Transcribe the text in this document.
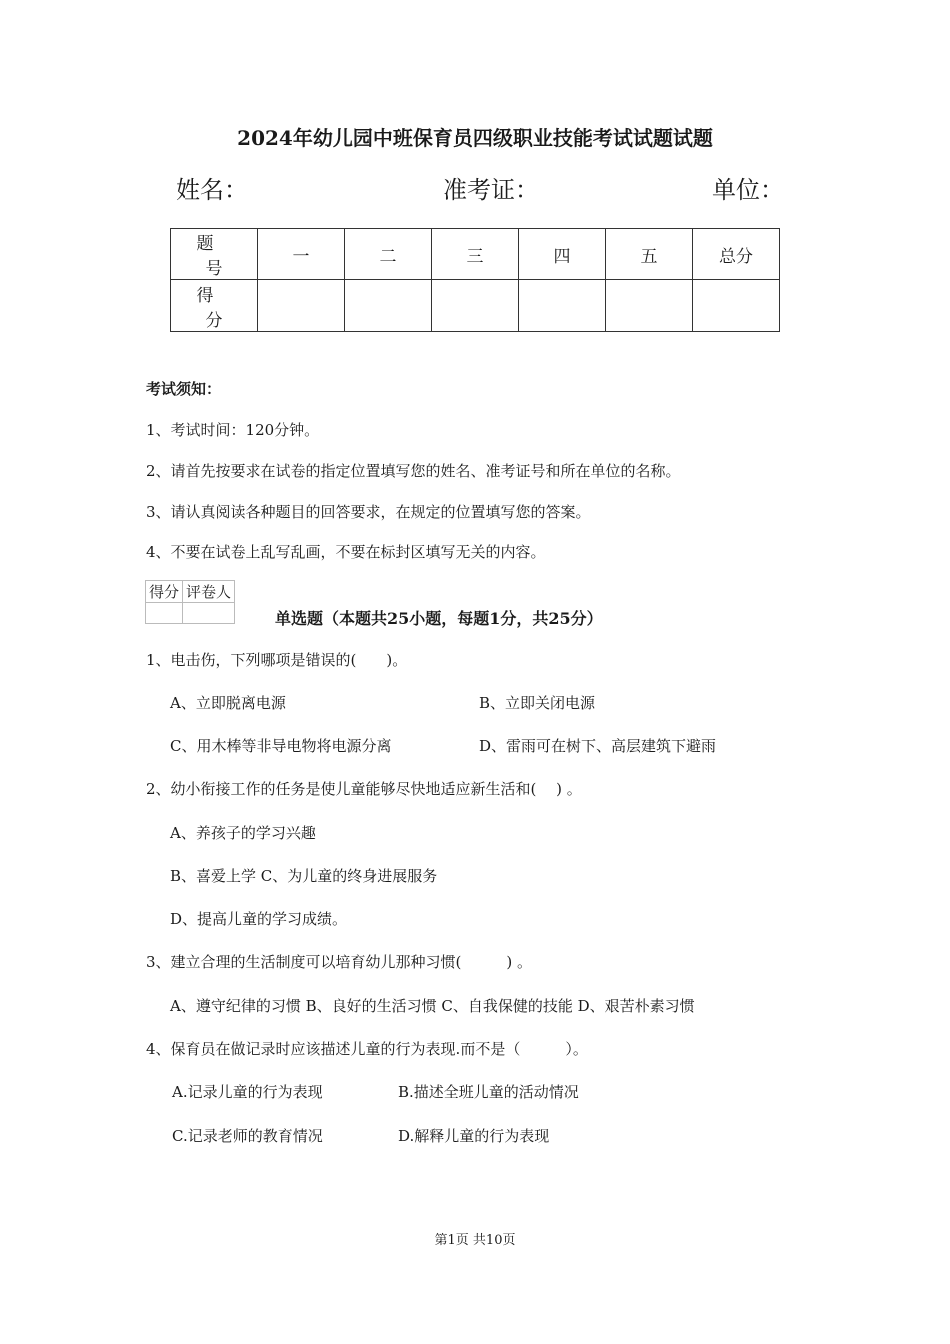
2024年幼儿园中班保育员四级职业技能考试试题试题
姓名：	准考证：	单位：
题　号	一	二	三	四	五	总分
得　分						
考试须知：
1、考试时间：120分钟。
2、请首先按要求在试卷的指定位置填写您的姓名、准考证号和所在单位的名称。
3、请认真阅读各种题目的回答要求，在规定的位置填写您的答案。
4、不要在试卷上乱写乱画，不要在标封区填写无关的内容。
得分	评卷人

单选题（本题共25小题，每题1分，共25分）
1、电击伤，下列哪项是错误的(　　)。
A、立即脱离电源	B、立即关闭电源
C、用木棒等非导电物将电源分离	D、雷雨可在树下、高层建筑下避雨
2、幼小衔接工作的任务是使儿童能够尽快地适应新生活和(　 ) 。
A、养孩子的学习兴趣
B、喜爱上学 C、为儿童的终身进展服务
D、提高儿童的学习成绩。
3、建立合理的生活制度可以培育幼儿那种习惯(　　　) 。
A、遵守纪律的习惯 B、良好的生活习惯 C、自我保健的技能 D、艰苦朴素习惯
4、保育员在做记录时应该描述儿童的行为表现.而不是（　　　）。
A.记录儿童的行为表现	B.描述全班儿童的活动情况
C.记录老师的教育情况	D.解释儿童的行为表现
第1页 共10页
